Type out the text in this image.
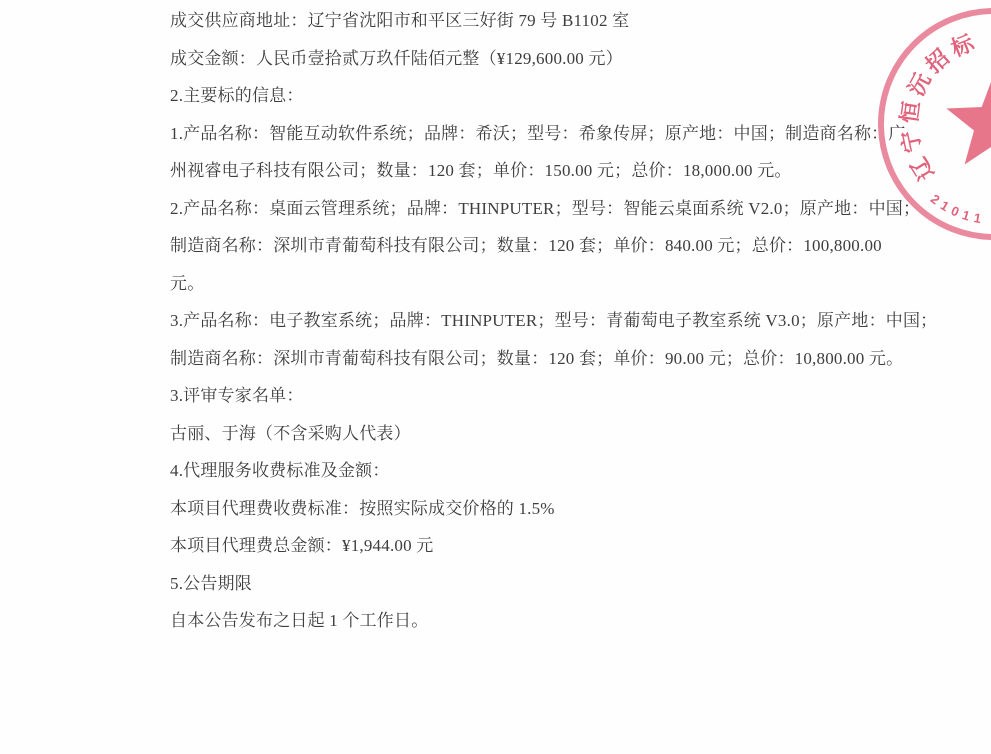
成交供应商地址：辽宁省沈阳市和平区三好街 79 号 B1102 室
成交金额：人民币壹拾贰万玖仟陆佰元整（¥129,600.00 元）
2.主要标的信息：
1.产品名称：智能互动软件系统；品牌：希沃；型号：希象传屏；原产地：中国；制造商名称：广
州视睿电子科技有限公司；数量：120 套；单价：150.00 元；总价：18,000.00 元。
2.产品名称：桌面云管理系统；品牌：THINPUTER；型号：智能云桌面系统 V2.0；原产地：中国；
制造商名称：深圳市青葡萄科技有限公司；数量：120 套；单价：840.00 元；总价：100,800.00
元。
3.产品名称：电子教室系统；品牌：THINPUTER；型号：青葡萄电子教室系统 V3.0；原产地：中国；
制造商名称：深圳市青葡萄科技有限公司；数量：120 套；单价：90.00 元；总价：10,800.00 元。
3.评审专家名单：
古丽、于海（不含采购人代表）
4.代理服务收费标准及金额：
本项目代理费收费标准：按照实际成交价格的 1.5%
本项目代理费总金额：¥1,944.00 元
5.公告期限
自本公告发布之日起 1 个工作日。
辽
宁
恒
沅
招
标
2
1
0
1 1
